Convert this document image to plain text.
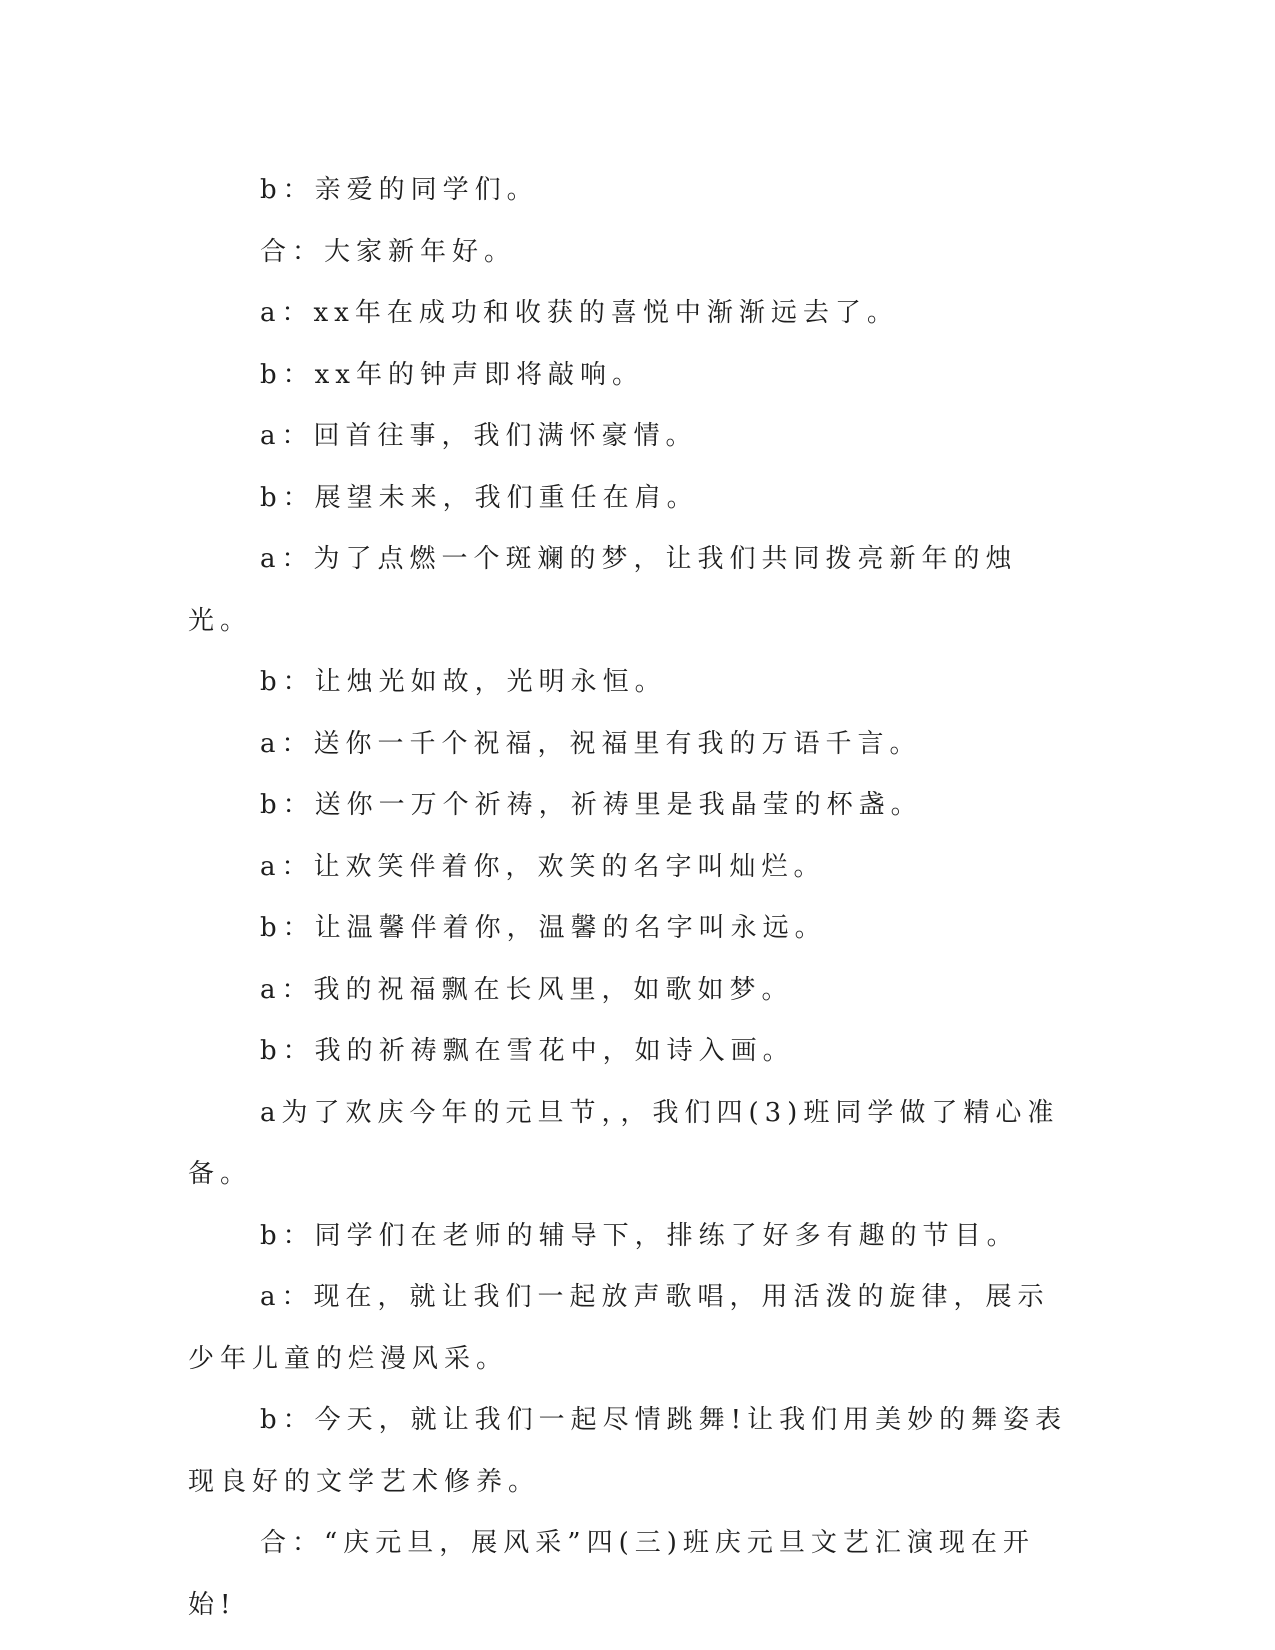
b：亲爱的同学们。

合：大家新年好。

a：xx年在成功和收获的喜悦中渐渐远去了。

b：xx年的钟声即将敲响。

a：回首往事，我们满怀豪情。

b：展望未来，我们重任在肩。

a：为了点燃一个斑斓的梦，让我们共同拨亮新年的烛光。

b：让烛光如故，光明永恒。

a：送你一千个祝福，祝福里有我的万语千言。

b：送你一万个祈祷，祈祷里是我晶莹的杯盏。

a：让欢笑伴着你，欢笑的名字叫灿烂。

b：让温馨伴着你，温馨的名字叫永远。

a：我的祝福飘在长风里，如歌如梦。

b：我的祈祷飘在雪花中，如诗入画。

a为了欢庆今年的元旦节，，我们四(3)班同学做了精心准备。

b：同学们在老师的辅导下，排练了好多有趣的节目。

a：现在，就让我们一起放声歌唱，用活泼的旋律，展示少年儿童的烂漫风采。

b：今天，就让我们一起尽情跳舞!让我们用美妙的舞姿表现良好的文学艺术修养。

合：“庆元旦，展风采”四(三)班庆元旦文艺汇演现在开始!
